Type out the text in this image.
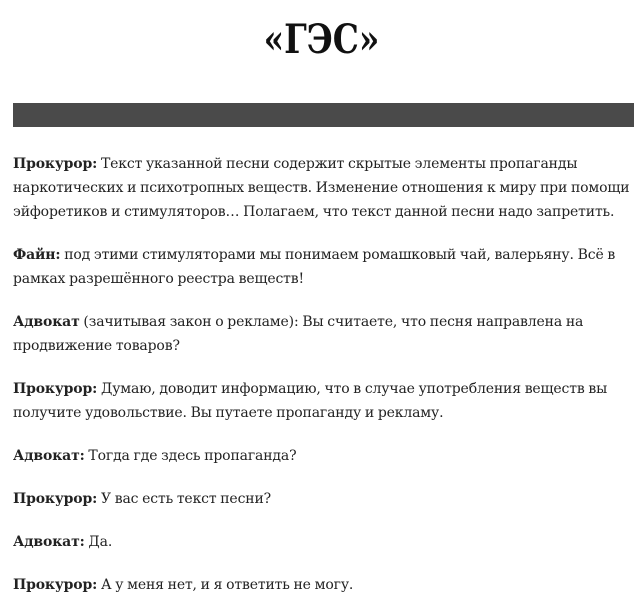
«ГЭС»

Прокурор: Текст указанной песни содержит скрытые элементы пропаганды наркотических и психотропных веществ. Изменение отношения к миру при помощи эйфоретиков и стимуляторов… Полагаем, что текст данной песни надо запретить.

Файн: под этими стимуляторами мы понимаем ромашковый чай, валерьяну. Всё в рамках разрешённого реестра веществ!

Адвокат (зачитывая закон о рекламе): Вы считаете, что песня направлена на продвижение товаров?

Прокурор: Думаю, доводит информацию, что в случае употребления веществ вы получите удовольствие. Вы путаете пропаганду и рекламу.

Адвокат: Тогда где здесь пропаганда?

Прокурор: У вас есть текст песни?

Адвокат: Да.

Прокурор: А у меня нет, и я ответить не могу.
